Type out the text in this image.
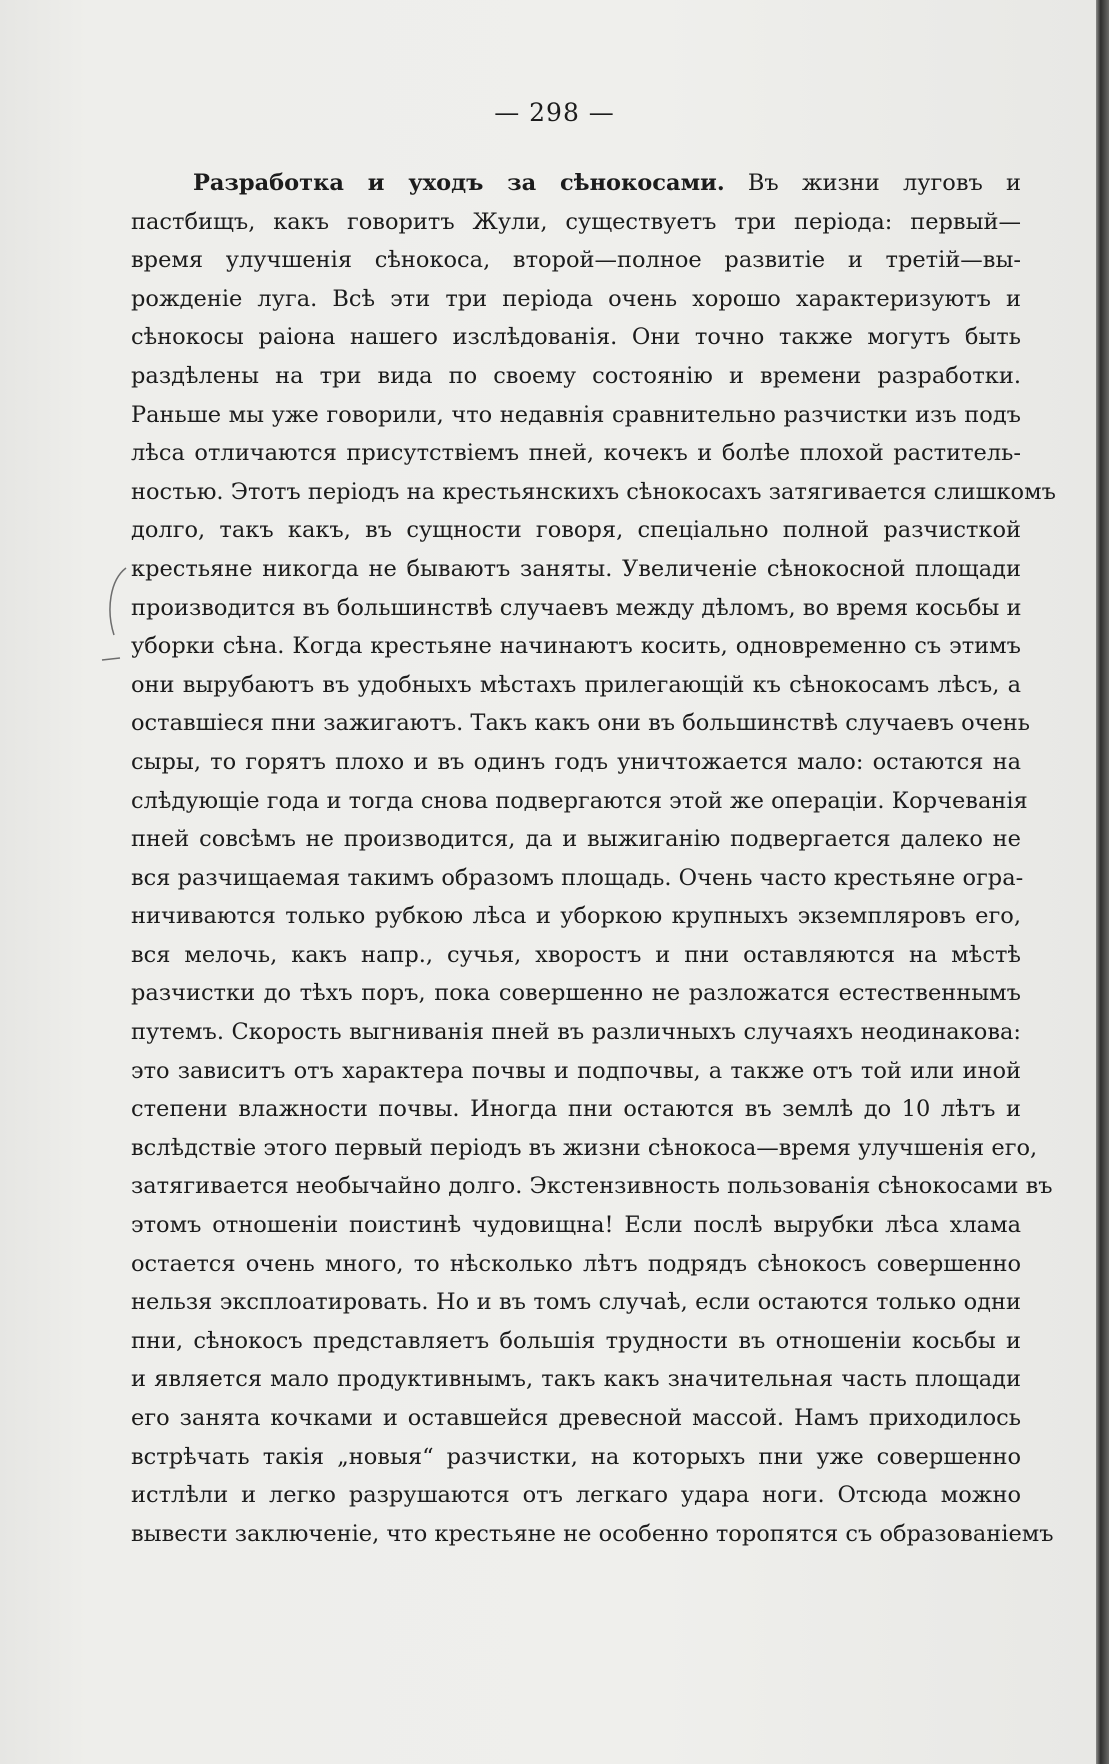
— 298 —
Разработка и уходъ за сѣнокосами. Въ жизни луговъ и
пастбищъ, какъ говоритъ Жули, существуетъ три періода: первый—
время улучшенія сѣнокоса, второй—полное развитіе и третій—вы-
рожденіе луга. Всѣ эти три періода очень хорошо характеризуютъ и
сѣнокосы раіона нашего изслѣдованія. Они точно также могутъ быть
раздѣлены на три вида по своему состоянію и времени разработки.
Раньше мы уже говорили, что недавнія сравнительно разчистки изъ подъ
лѣса отличаются присутствіемъ пней, кочекъ и болѣе плохой раститель-
ностью. Этотъ періодъ на крестьянскихъ сѣнокосахъ затягивается слишкомъ
долго, такъ какъ, въ сущности говоря, спеціально полной разчисткой
крестьяне никогда не бываютъ заняты. Увеличеніе сѣнокосной площади
производится въ большинствѣ случаевъ между дѣломъ, во время косьбы и
уборки сѣна. Когда крестьяне начинаютъ косить, одновременно съ этимъ
они вырубаютъ въ удобныхъ мѣстахъ прилегающій къ сѣнокосамъ лѣсъ, а
оставшіеся пни зажигаютъ. Такъ какъ они въ большинствѣ случаевъ очень
сыры, то горятъ плохо и въ одинъ годъ уничтожается мало: остаются на
слѣдующіе года и тогда снова подвергаются этой же операціи. Корчеванія
пней совсѣмъ не производится, да и выжиганію подвергается далеко не
вся разчищаемая такимъ образомъ площадь. Очень часто крестьяне огра-
ничиваются только рубкою лѣса и уборкою крупныхъ экземпляровъ его,
вся мелочь, какъ напр., сучья, хворостъ и пни оставляются на мѣстѣ
разчистки до тѣхъ поръ, пока совершенно не разложатся естественнымъ
путемъ. Скорость выгниванія пней въ различныхъ случаяхъ неодинакова:
это зависитъ отъ характера почвы и подпочвы, а также отъ той или иной
степени влажности почвы. Иногда пни остаются въ землѣ до 10 лѣтъ и
вслѣдствіе этого первый періодъ въ жизни сѣнокоса—время улучшенія его,
затягивается необычайно долго. Экстензивность пользованія сѣнокосами въ
этомъ отношеніи поистинѣ чудовищна! Если послѣ вырубки лѣса хлама
остается очень много, то нѣсколько лѣтъ подрядъ сѣнокосъ совершенно
нельзя эксплоатировать. Но и въ томъ случаѣ, если остаются только одни
пни, сѣнокосъ представляетъ большія трудности въ отношеніи косьбы и
и является мало продуктивнымъ, такъ какъ значительная часть площади
его занята кочками и оставшейся древесной массой. Намъ приходилось
встрѣчать такія „новыя“ разчистки, на которыхъ пни уже совершенно
истлѣли и легко разрушаются отъ легкаго удара ноги. Отсюда можно
вывести заключеніе, что крестьяне не особенно торопятся съ образованіемъ
